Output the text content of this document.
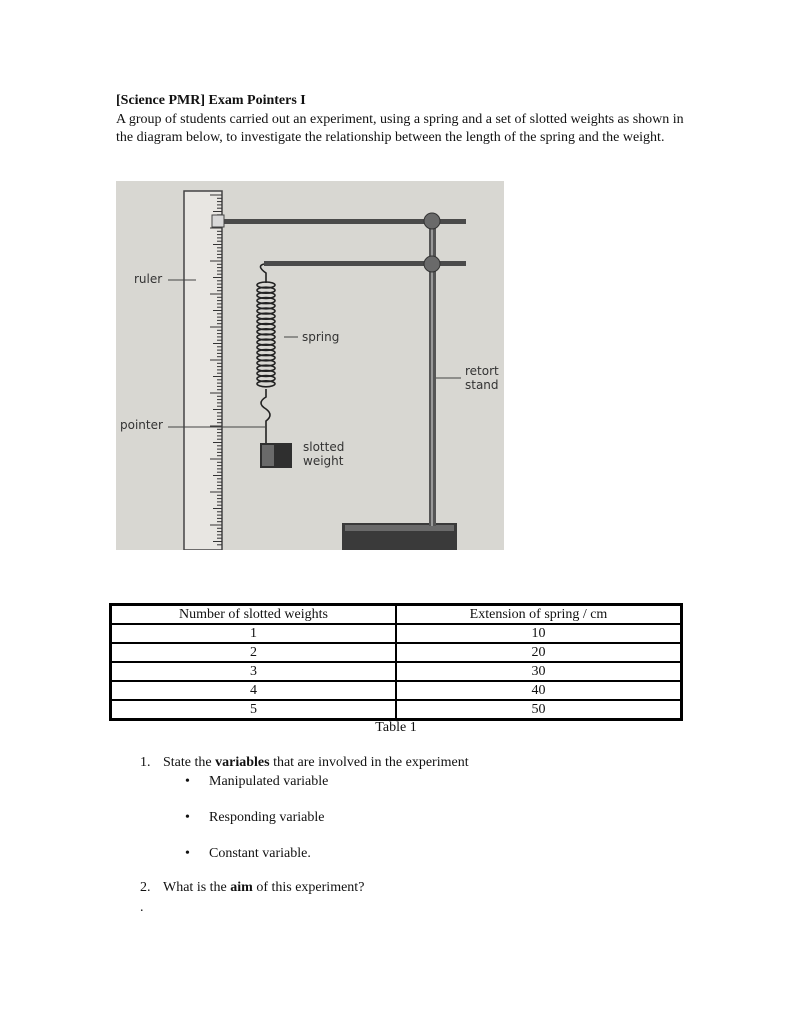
[Science PMR] Exam Pointers I
A group of students carried out an experiment, using a spring and a set of slotted weights as shown in the diagram below, to investigate the relationship between the length of the spring and the weight.
ruler
spring
retort
stand
pointer
slotted
weight
Number of slotted weights	Extension of spring / cm
1	10
2	20
3	30
4	40
5	50
Table 1
1. State the variables that are involved in the experiment
• Manipulated variable
• Responding variable
• Constant variable.
2. What is the aim of this experiment?
.
